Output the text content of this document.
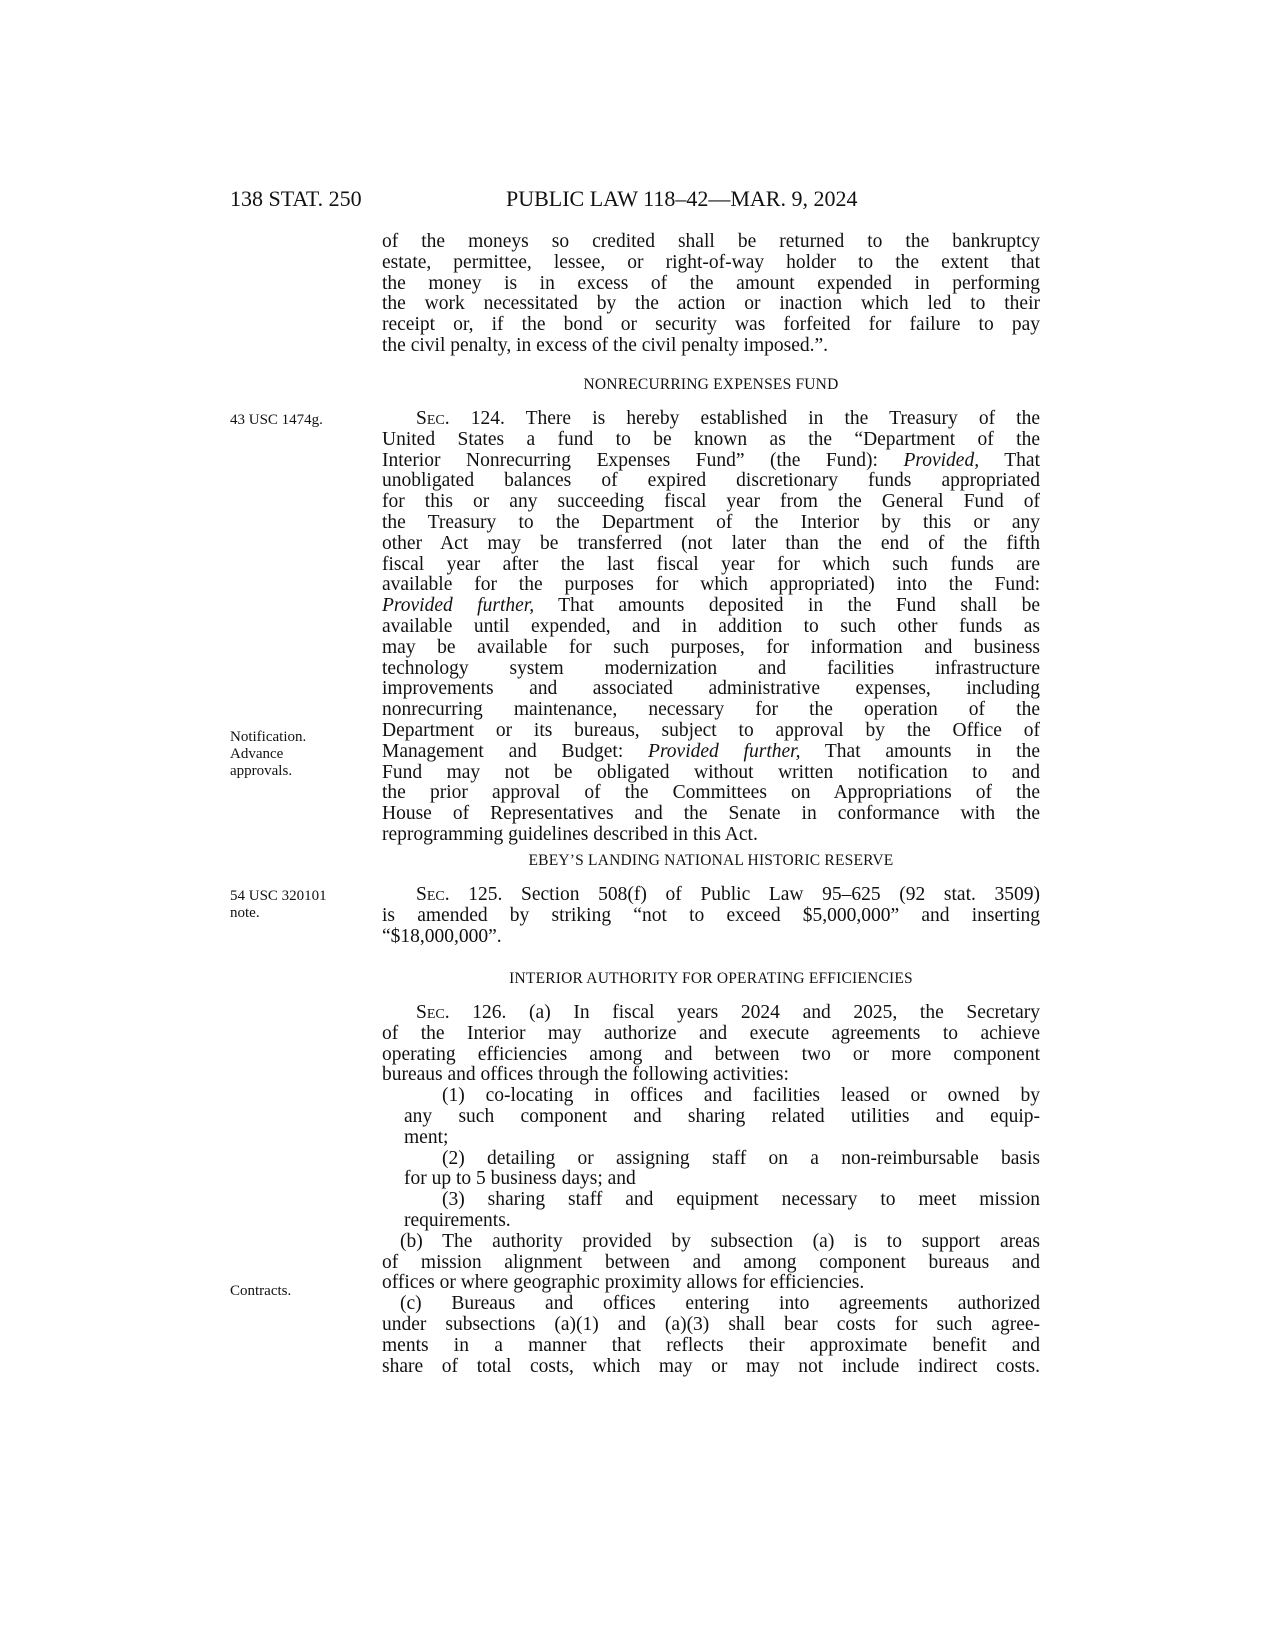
138 STAT. 250	PUBLIC LAW 118–42—MAR. 9, 2024
of the moneys so credited shall be returned to the bankruptcy
estate, permittee, lessee, or right-of-way holder to the extent that
the money is in excess of the amount expended in performing
the work necessitated by the action or inaction which led to their
receipt or, if the bond or security was forfeited for failure to pay
the civil penalty, in excess of the civil penalty imposed.”.
NONRECURRING EXPENSES FUND
43 USC 1474g.
Notification.
Advance
approvals.
Sec. 124. There is hereby established in the Treasury of the
United States a fund to be known as the “Department of the
Interior Nonrecurring Expenses Fund” (the Fund): Provided, That
unobligated balances of expired discretionary funds appropriated
for this or any succeeding fiscal year from the General Fund of
the Treasury to the Department of the Interior by this or any
other Act may be transferred (not later than the end of the fifth
fiscal year after the last fiscal year for which such funds are
available for the purposes for which appropriated) into the Fund:
Provided further, That amounts deposited in the Fund shall be
available until expended, and in addition to such other funds as
may be available for such purposes, for information and business
technology system modernization and facilities infrastructure
improvements and associated administrative expenses, including
nonrecurring maintenance, necessary for the operation of the
Department or its bureaus, subject to approval by the Office of
Management and Budget: Provided further, That amounts in the
Fund may not be obligated without written notification to and
the prior approval of the Committees on Appropriations of the
House of Representatives and the Senate in conformance with the
reprogramming guidelines described in this Act.
EBEY’S LANDING NATIONAL HISTORIC RESERVE
54 USC 320101
note.
Sec. 125. Section 508(f) of Public Law 95–625 (92 stat. 3509)
is amended by striking “not to exceed $5,000,000” and inserting
“$18,000,000”.
INTERIOR AUTHORITY FOR OPERATING EFFICIENCIES
Contracts.
Sec. 126. (a) In fiscal years 2024 and 2025, the Secretary
of the Interior may authorize and execute agreements to achieve
operating efficiencies among and between two or more component
bureaus and offices through the following activities:
(1) co-locating in offices and facilities leased or owned by
any such component and sharing related utilities and equip-
ment;
(2) detailing or assigning staff on a non-reimbursable basis
for up to 5 business days; and
(3) sharing staff and equipment necessary to meet mission
requirements.
(b) The authority provided by subsection (a) is to support areas
of mission alignment between and among component bureaus and
offices or where geographic proximity allows for efficiencies.
(c) Bureaus and offices entering into agreements authorized
under subsections (a)(1) and (a)(3) shall bear costs for such agree-
ments in a manner that reflects their approximate benefit and
share of total costs, which may or may not include indirect costs.
